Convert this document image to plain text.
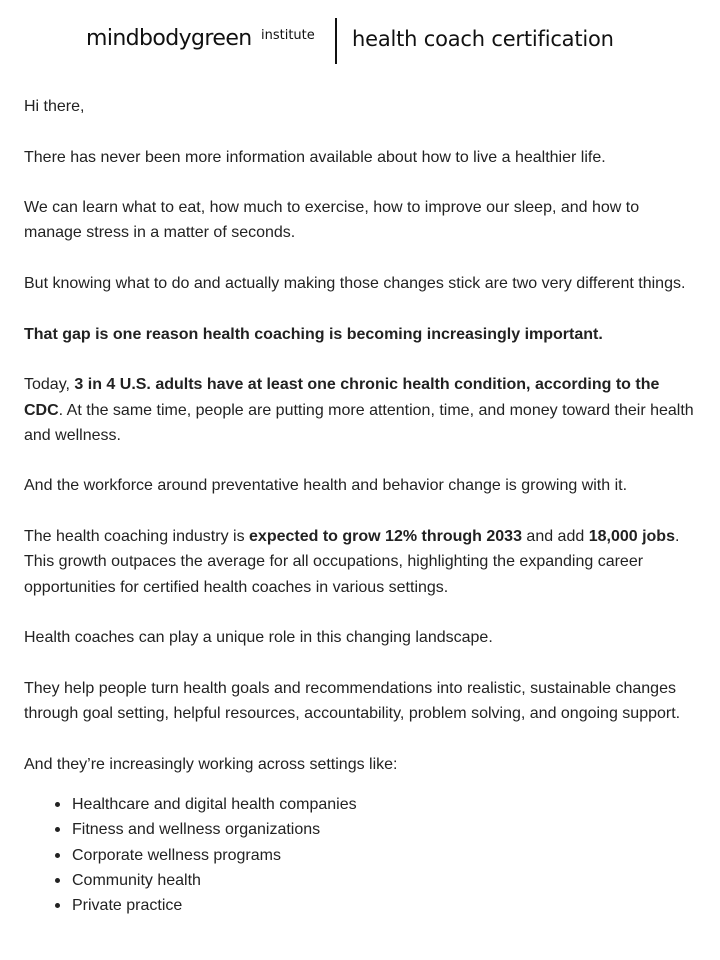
mindbodygreen institute health coach certification

Hi there,

There has never been more information available about how to live a healthier life.

We can learn what to eat, how much to exercise, how to improve our sleep, and how to manage stress in a matter of seconds.

But knowing what to do and actually making those changes stick are two very different things.

That gap is one reason health coaching is becoming increasingly important.

Today, 3 in 4 U.S. adults have at least one chronic health condition, according to the CDC. At the same time, people are putting more attention, time, and money toward their health and wellness.

And the workforce around preventative health and behavior change is growing with it.

The health coaching industry is expected to grow 12% through 2033 and add 18,000 jobs. This growth outpaces the average for all occupations, highlighting the expanding career opportunities for certified health coaches in various settings.

Health coaches can play a unique role in this changing landscape.

They help people turn health goals and recommendations into realistic, sustainable changes through goal setting, helpful resources, accountability, problem solving, and ongoing support.

And they’re increasingly working across settings like:

Healthcare and digital health companies
Fitness and wellness organizations
Corporate wellness programs
Community health
Private practice
